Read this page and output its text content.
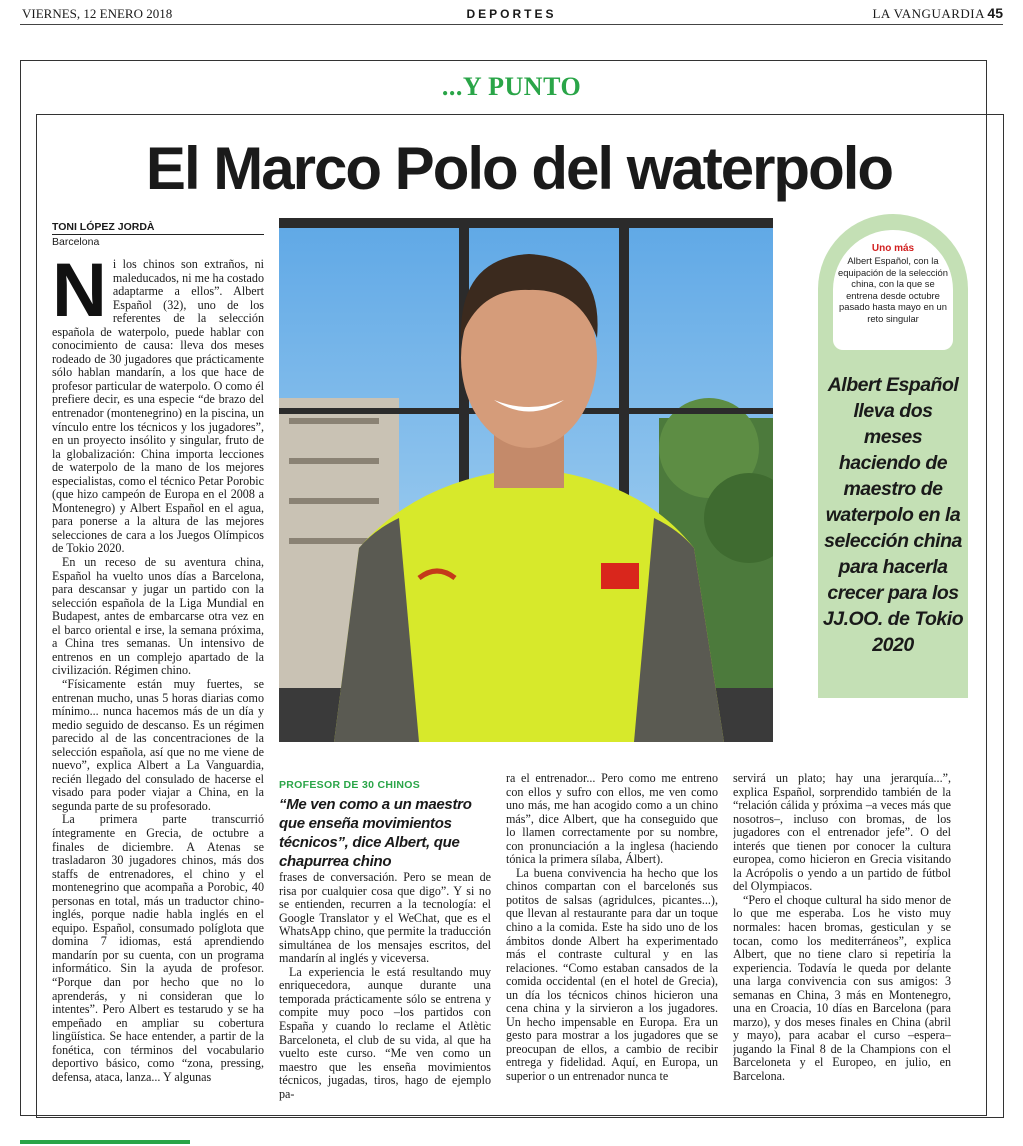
VIERNES, 12 ENERO 2018	DEPORTES	LA VANGUARDIA 45
...Y PUNTO
El Marco Polo del waterpolo
TONI LÓPEZ JORDÀ
Barcelona
N i los chinos son extraños, ni maleducados, ni me ha costado adaptarme a ellos”. Albert Español (32), uno de los referentes de la selección española de waterpolo, puede hablar con conocimiento de causa: lleva dos meses rodeado de 30 jugadores que prácticamente sólo hablan mandarín, a los que hace de profesor particular de waterpolo. O como él prefiere decir, es una especie “de brazo del entrenador (montenegrino) en la piscina, un vínculo entre los técnicos y los jugadores”, en un proyecto insólito y singular, fruto de la globalización: China importa lecciones de waterpolo de la mano de los mejores especialistas, como el técnico Petar Porobic (que hizo campeón de Europa en el 2008 a Montenegro) y Albert Español en el agua, para ponerse a la altura de las mejores selecciones de cara a los Juegos Olímpicos de Tokio 2020.

En un receso de su aventura china, Español ha vuelto unos días a Barcelona, para descansar y jugar un partido con la selección española de la Liga Mundial en Budapest, antes de embarcarse otra vez en el barco oriental e irse, la semana próxima, a China tres semanas. Un intensivo de entrenos en un complejo apartado de la civilización. Régimen chino.

“Físicamente están muy fuertes, se entrenan mucho, unas 5 horas diarias como mínimo... nunca hacemos más de un día y medio seguido de descanso. Es un régimen parecido al de las concentraciones de la selección española, así que no me viene de nuevo”, explica Albert a La Vanguardia, recién llegado del consulado de hacerse el visado para poder viajar a China, en la segunda parte de su profesorado.

La primera parte transcurrió íntegramente en Grecia, de octubre a finales de diciembre. A Atenas se trasladaron 30 jugadores chinos, más dos staffs de entrenadores, el chino y el montenegrino que acompaña a Porobic, 40 personas en total, más un traductor chino-inglés, porque nadie habla inglés en el equipo. Español, consumado políglota que domina 7 idiomas, está aprendiendo mandarín por su cuenta, con un programa informático. Sin la ayuda de profesor. “Porque dan por hecho que no lo aprenderás, y ni consideran que lo intentes”. Pero Albert es testarudo y se ha empeñado en ampliar su cobertura lingüística. Se hace entender, a partir de la fonética, con términos del vocabulario deportivo básico, como “zona, pressing, defensa, ataca, lanza... Y algunas

Uno más
Albert Español, con la equipación de la selección china, con la que se entrena desde octubre pasado hasta mayo en un reto singular
Albert Español lleva dos meses haciendo de maestro de waterpolo en la selección china para hacerla crecer para los JJ.OO. de Tokio 2020
PROFESOR DE 30 CHINOS
“Me ven como a un maestro que enseña movimientos técnicos”, dice Albert, que chapurrea chino

frases de conversación. Pero se mean de risa por cualquier cosa que digo”. Y si no se entienden, recurren a la tecnología: el Google Translator y el WeChat, que es el WhatsApp chino, que permite la traducción simultánea de los mensajes escritos, del mandarín al inglés y viceversa.

La experiencia le está resultando muy enriquecedora, aunque durante una temporada prácticamente sólo se entrena y compite muy poco –los partidos con España y cuando lo reclame el Atlètic Barceloneta, el club de su vida, al que ha vuelto este curso. “Me ven como un maestro que les enseña movimientos técnicos, jugadas, tiros, hago de ejemplo pa-

ra el entrenador... Pero como me entreno con ellos y sufro con ellos, me ven como uno más, me han acogido como a un chino más”, dice Albert, que ha conseguido que lo llamen correctamente por su nombre, con pronunciación a la inglesa (haciendo tónica la primera sílaba, Álbert).

La buena convivencia ha hecho que los chinos compartan con el barcelonés sus potitos de salsas (agridulces, picantes...), que llevan al restaurante para dar un toque chino a la comida. Este ha sido uno de los ámbitos donde Albert ha experimentado más el contraste cultural y en las relaciones. “Como estaban cansados de la comida occidental (en el hotel de Grecia), un día los técnicos chinos hicieron una cena china y la sirvieron a los jugadores. Un hecho impensable en Europa. Era un gesto para mostrar a los jugadores que se preocupan de ellos, a cambio de recibir entrega y fidelidad. Aquí, en Europa, un superior o un entrenador nunca te

servirá un plato; hay una jerarquía...”, explica Español, sorprendido también de la “relación cálida y próxima –a veces más que nosotros–, incluso con bromas, de los jugadores con el entrenador jefe”. O del interés que tienen por conocer la cultura europea, como hicieron en Grecia visitando la Acrópolis o yendo a un partido de fútbol del Olympiacos.

“Pero el choque cultural ha sido menor de lo que me esperaba. Los he visto muy normales: hacen bromas, gesticulan y se tocan, como los mediterráneos”, explica Albert, que no tiene claro si repetiría la experiencia. Todavía le queda por delante una larga convivencia con sus amigos: 3 semanas en China, 3 más en Montenegro, una en Croacia, 10 días en Barcelona (para marzo), y dos meses finales en China (abril y mayo), para acabar el curso –espera– jugando la Final 8 de la Champions con el Barceloneta y el Europeo, en julio, en Barcelona.
